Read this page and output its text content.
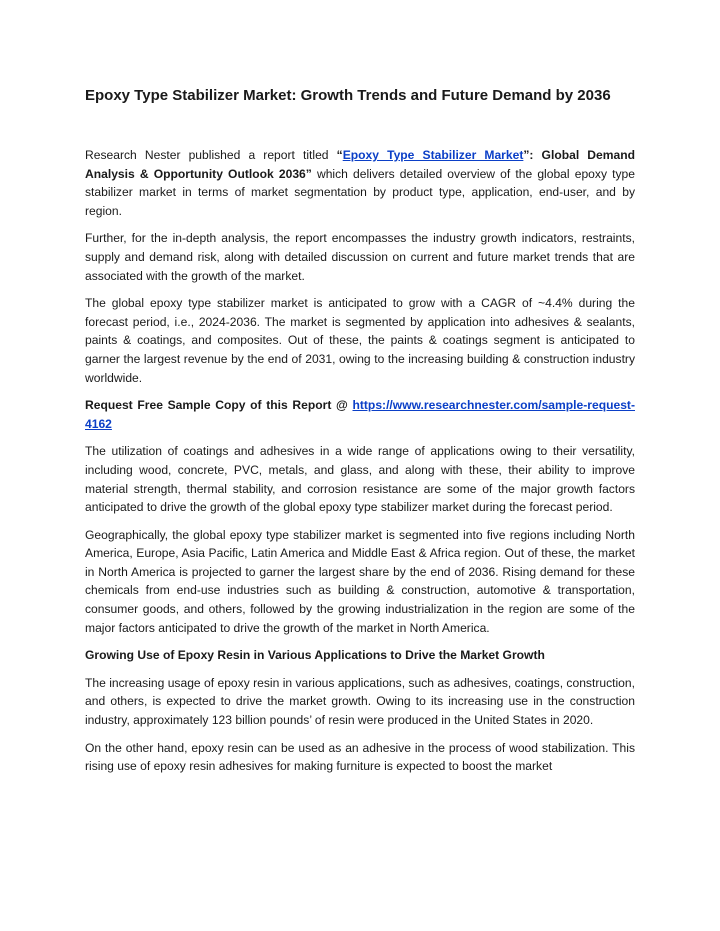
Epoxy Type Stabilizer Market: Growth Trends and Future Demand by 2036

Research Nester published a report titled “Epoxy Type Stabilizer Market”: Global Demand Analysis & Opportunity Outlook 2036” which delivers detailed overview of the global epoxy type stabilizer market in terms of market segmentation by product type, application, end-user, and by region.

Further, for the in-depth analysis, the report encompasses the industry growth indicators, restraints, supply and demand risk, along with detailed discussion on current and future market trends that are associated with the growth of the market.

The global epoxy type stabilizer market is anticipated to grow with a CAGR of ~4.4% during the forecast period, i.e., 2024-2036. The market is segmented by application into adhesives & sealants, paints & coatings, and composites. Out of these, the paints & coatings segment is anticipated to garner the largest revenue by the end of 2031, owing to the increasing building & construction industry worldwide.

Request Free Sample Copy of this Report @ https://www.researchnester.com/sample-request-4162

The utilization of coatings and adhesives in a wide range of applications owing to their versatility, including wood, concrete, PVC, metals, and glass, and along with these, their ability to improve material strength, thermal stability, and corrosion resistance are some of the major growth factors anticipated to drive the growth of the global epoxy type stabilizer market during the forecast period.

Geographically, the global epoxy type stabilizer market is segmented into five regions including North America, Europe, Asia Pacific, Latin America and Middle East & Africa region. Out of these, the market in North America is projected to garner the largest share by the end of 2036. Rising demand for these chemicals from end-use industries such as building & construction, automotive & transportation, consumer goods, and others, followed by the growing industrialization in the region are some of the major factors anticipated to drive the growth of the market in North America.

Growing Use of Epoxy Resin in Various Applications to Drive the Market Growth

The increasing usage of epoxy resin in various applications, such as adhesives, coatings, construction, and others, is expected to drive the market growth. Owing to its increasing use in the construction industry, approximately 123 billion pounds’ of resin were produced in the United States in 2020.

On the other hand, epoxy resin can be used as an adhesive in the process of wood stabilization. This rising use of epoxy resin adhesives for making furniture is expected to boost the market
